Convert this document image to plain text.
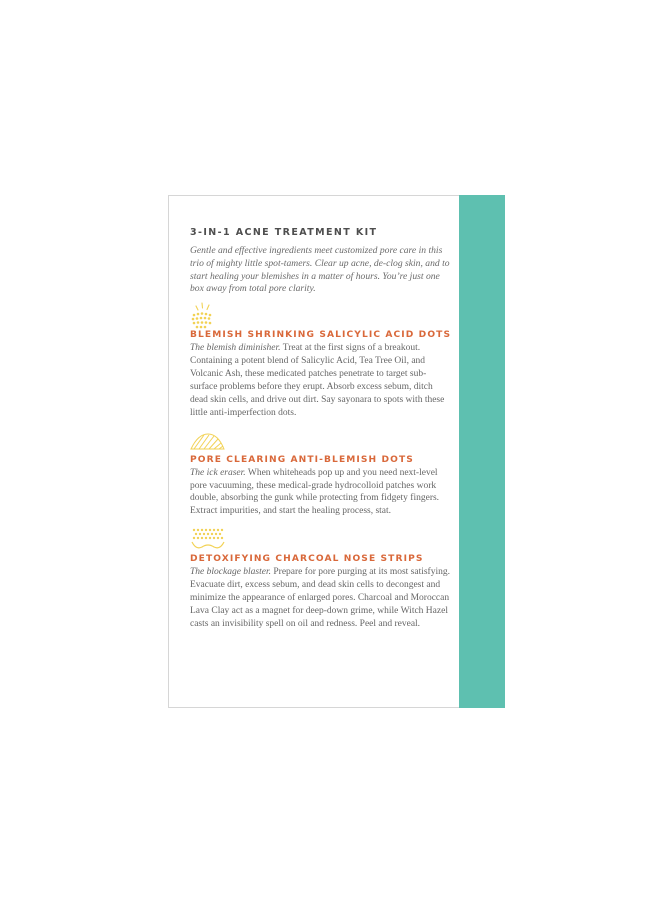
3-IN-1 ACNE TREATMENT KIT

Gentle and effective ingredients meet customized pore care in this trio of mighty little spot-tamers. Clear up acne, de-clog skin, and to start healing your blemishes in a matter of hours. You’re just one box away from total pore clarity.

BLEMISH SHRINKING SALICYLIC ACID DOTS

The blemish diminisher. Treat at the first signs of a breakout. Containing a potent blend of Salicylic Acid, Tea Tree Oil, and Volcanic Ash, these medicated patches penetrate to target sub-surface problems before they erupt. Absorb excess sebum, ditch dead skin cells, and drive out dirt. Say sayonara to spots with these little anti-imperfection dots.

PORE CLEARING ANTI-BLEMISH DOTS

The ick eraser. When whiteheads pop up and you need next-level pore vacuuming, these medical-grade hydrocolloid patches work double, absorbing the gunk while protecting from fidgety fingers. Extract impurities, and start the healing process, stat.

DETOXIFYING CHARCOAL NOSE STRIPS

The blockage blaster. Prepare for pore purging at its most satisfying. Evacuate dirt, excess sebum, and dead skin cells to decongest and minimize the appearance of enlarged pores. Charcoal and Moroccan Lava Clay act as a magnet for deep-down grime, while Witch Hazel casts an invisibility spell on oil and redness. Peel and reveal.
